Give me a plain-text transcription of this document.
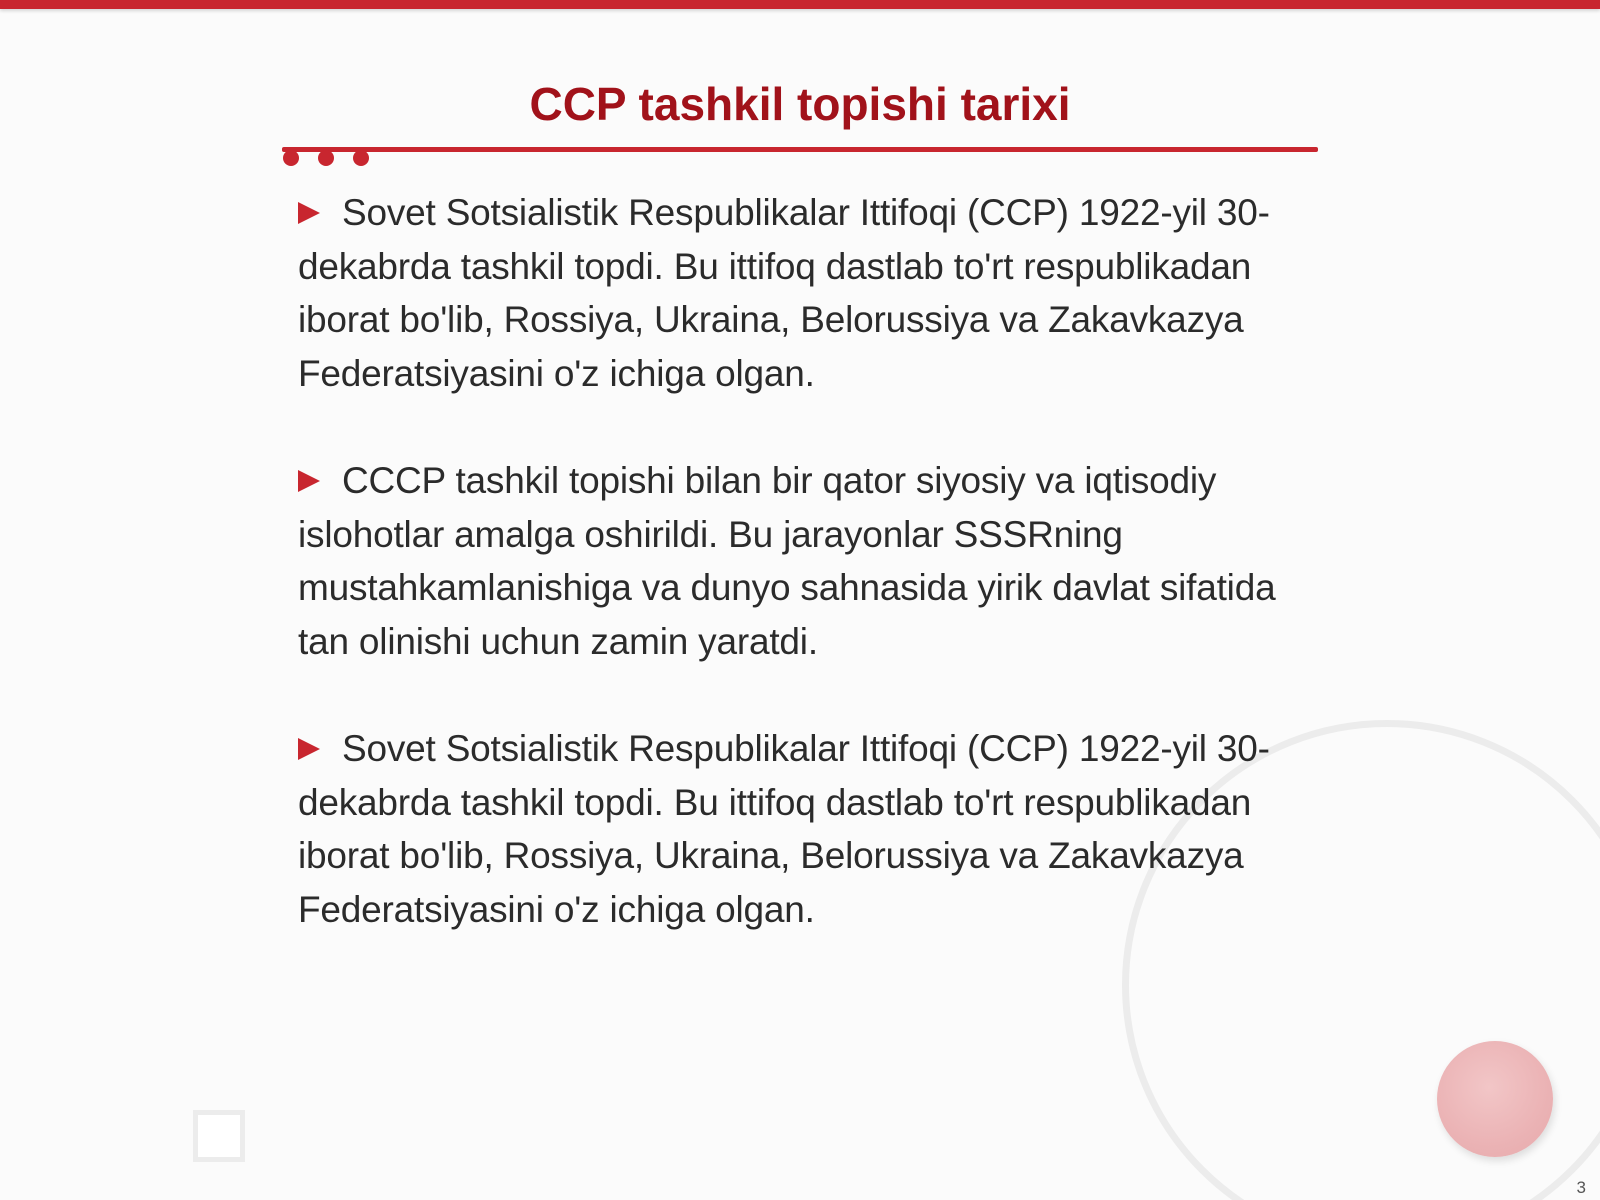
CCP tashkil topishi tarixi

Sovet Sotsialistik Respublikalar Ittifoqi (CCP) 1922-yil 30-dekabrda tashkil topdi. Bu ittifoq dastlab to'rt respublikadan iborat bo'lib, Rossiya, Ukraina, Belorussiya va Zakavkazya Federatsiyasini o'z ichiga olgan.

CCCP tashkil topishi bilan bir qator siyosiy va iqtisodiy islohotlar amalga oshirildi. Bu jarayonlar SSSRning mustahkamlanishiga va dunyo sahnasida yirik davlat sifatida tan olinishi uchun zamin yaratdi.

Sovet Sotsialistik Respublikalar Ittifoqi (CCP) 1922-yil 30-dekabrda tashkil topdi. Bu ittifoq dastlab to'rt respublikadan iborat bo'lib, Rossiya, Ukraina, Belorussiya va Zakavkazya Federatsiyasini o'z ichiga olgan.

3
